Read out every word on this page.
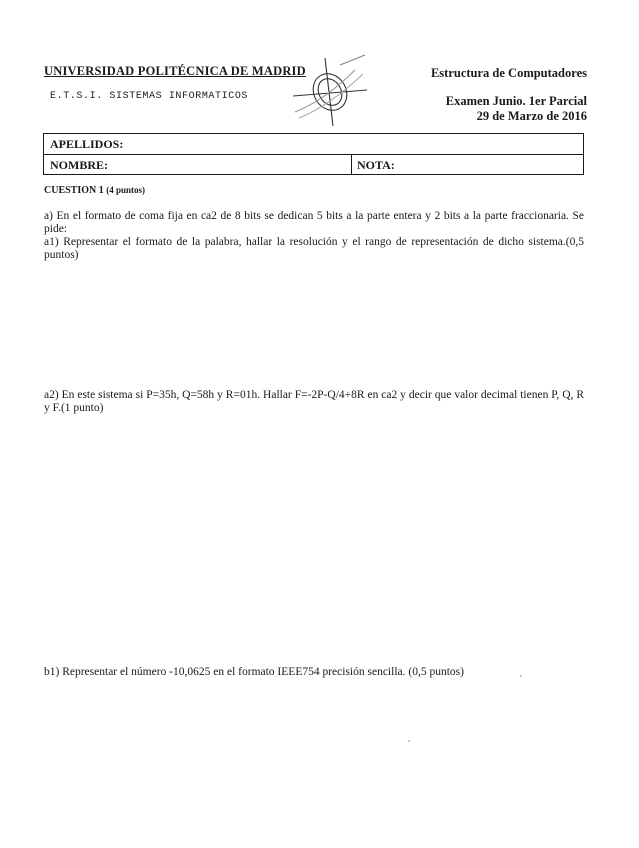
UNIVERSIDAD POLITÉCNICA DE MADRID
E.T.S.I. SISTEMAS INFORMATICOS
Estructura de Computadores
Examen Junio. 1er Parcial
29 de Marzo de 2016
APELLIDOS:
NOMBRE:	NOTA:
CUESTION 1 (4 puntos)
a) En el formato de coma fija en ca2 de 8 bits se dedican 5 bits a la parte entera y 2 bits a la parte fraccionaria. Se pide:
a1) Representar el formato de la palabra, hallar la resolución y el rango de representación de dicho sistema.(0,5 puntos)
a2) En este sistema si P=35h, Q=58h y R=01h. Hallar F=-2P-Q/4+8R en ca2 y decir que valor decimal tienen P, Q, R y F.(1 punto)
b1) Representar el número -10,0625 en el formato IEEE754 precisión sencilla. (0,5 puntos)
